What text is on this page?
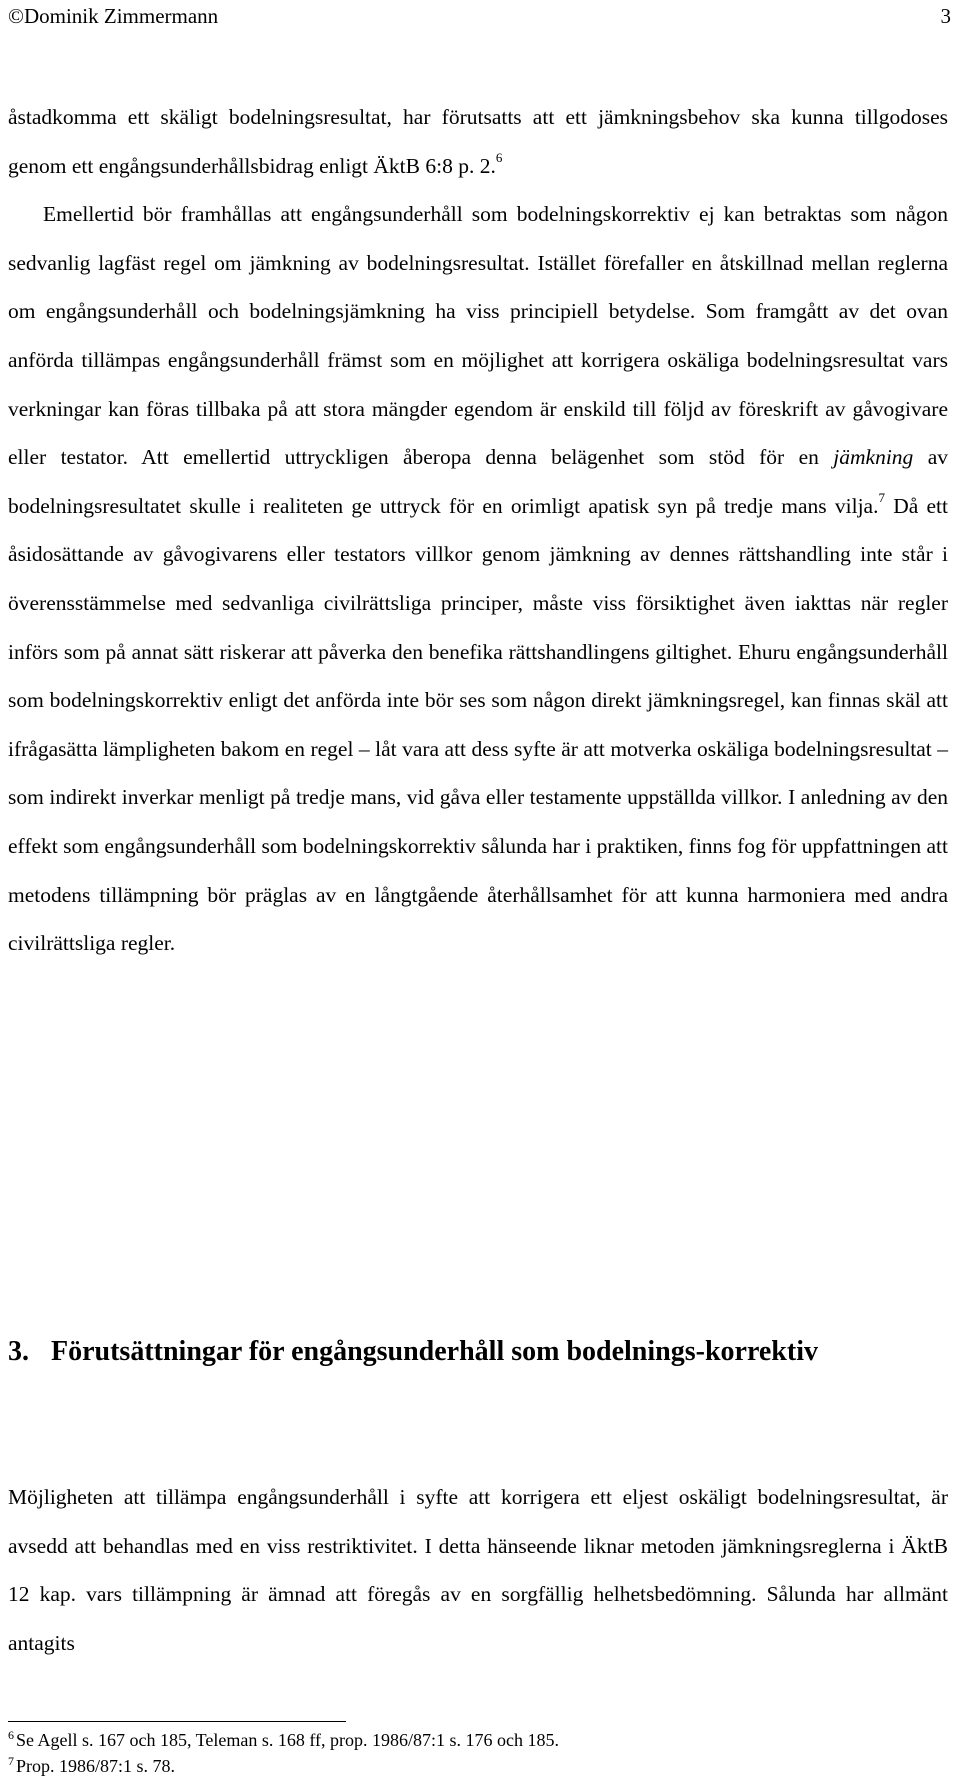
©Dominik Zimmermann	3
åstadkomma ett skäligt bodelningsresultat, har förutsatts att ett jämkningsbehov ska kunna tillgodoses genom ett engångsunderhållsbidrag enligt ÄktB 6:8 p. 2.$^6$
Emellertid bör framhållas att engångsunderhåll som bodelningskorrektiv ej kan betraktas som någon sedvanlig lagfäst regel om jämkning av bodelningsresultat. Istället förefaller en åtskillnad mellan reglerna om engångsunderhåll och bodelningsjämkning ha viss principiell betydelse. Som framgått av det ovan anförda tillämpas engångsunderhåll främst som en möjlighet att korrigera oskäliga bodelningsresultat vars verkningar kan föras tillbaka på att stora mängder egendom är enskild till följd av föreskrift av gåvogivare eller testator. Att emellertid uttryckligen åberopa denna belägenhet som stöd för en jämkning av bodelningsresultatet skulle i realiteten ge uttryck för en orimligt apatisk syn på tredje mans vilja.$^7$ Då ett åsidosättande av gåvogivarens eller testators villkor genom jämkning av dennes rättshandling inte står i överensstämmelse med sedvanliga civilrättsliga principer, måste viss försiktighet även iakttas när regler införs som på annat sätt riskerar att påverka den benefika rättshandlingens giltighet. Ehuru engångsunderhåll som bodelningskorrektiv enligt det anförda inte bör ses som någon direkt jämkningsregel, kan finnas skäl att ifrågasätta lämpligheten bakom en regel – låt vara att dess syfte är att motverka oskäliga bodelningsresultat – som indirekt inverkar menligt på tredje mans, vid gåva eller testamente uppställda villkor. I anledning av den effekt som engångsunderhåll som bodelningskorrektiv sålunda har i praktiken, finns fog för uppfattningen att metodens tillämpning bör präglas av en långtgående återhållsamhet för att kunna harmoniera med andra civilrättsliga regler.
3. Förutsättningar för engångsunderhåll som bodelnings-korrektiv
Möjligheten att tillämpa engångsunderhåll i syfte att korrigera ett eljest oskäligt bodelningsresultat, är avsedd att behandlas med en viss restriktivitet. I detta hänseende liknar metoden jämkningsreglerna i ÄktB 12 kap. vars tillämpning är ämnad att föregås av en sorgfällig helhetsbedömning. Sålunda har allmänt antagits
$^6$ Se Agell s. 167 och 185, Teleman s. 168 ff, prop. 1986/87:1 s. 176 och 185.
$^7$ Prop. 1986/87:1 s. 78.
